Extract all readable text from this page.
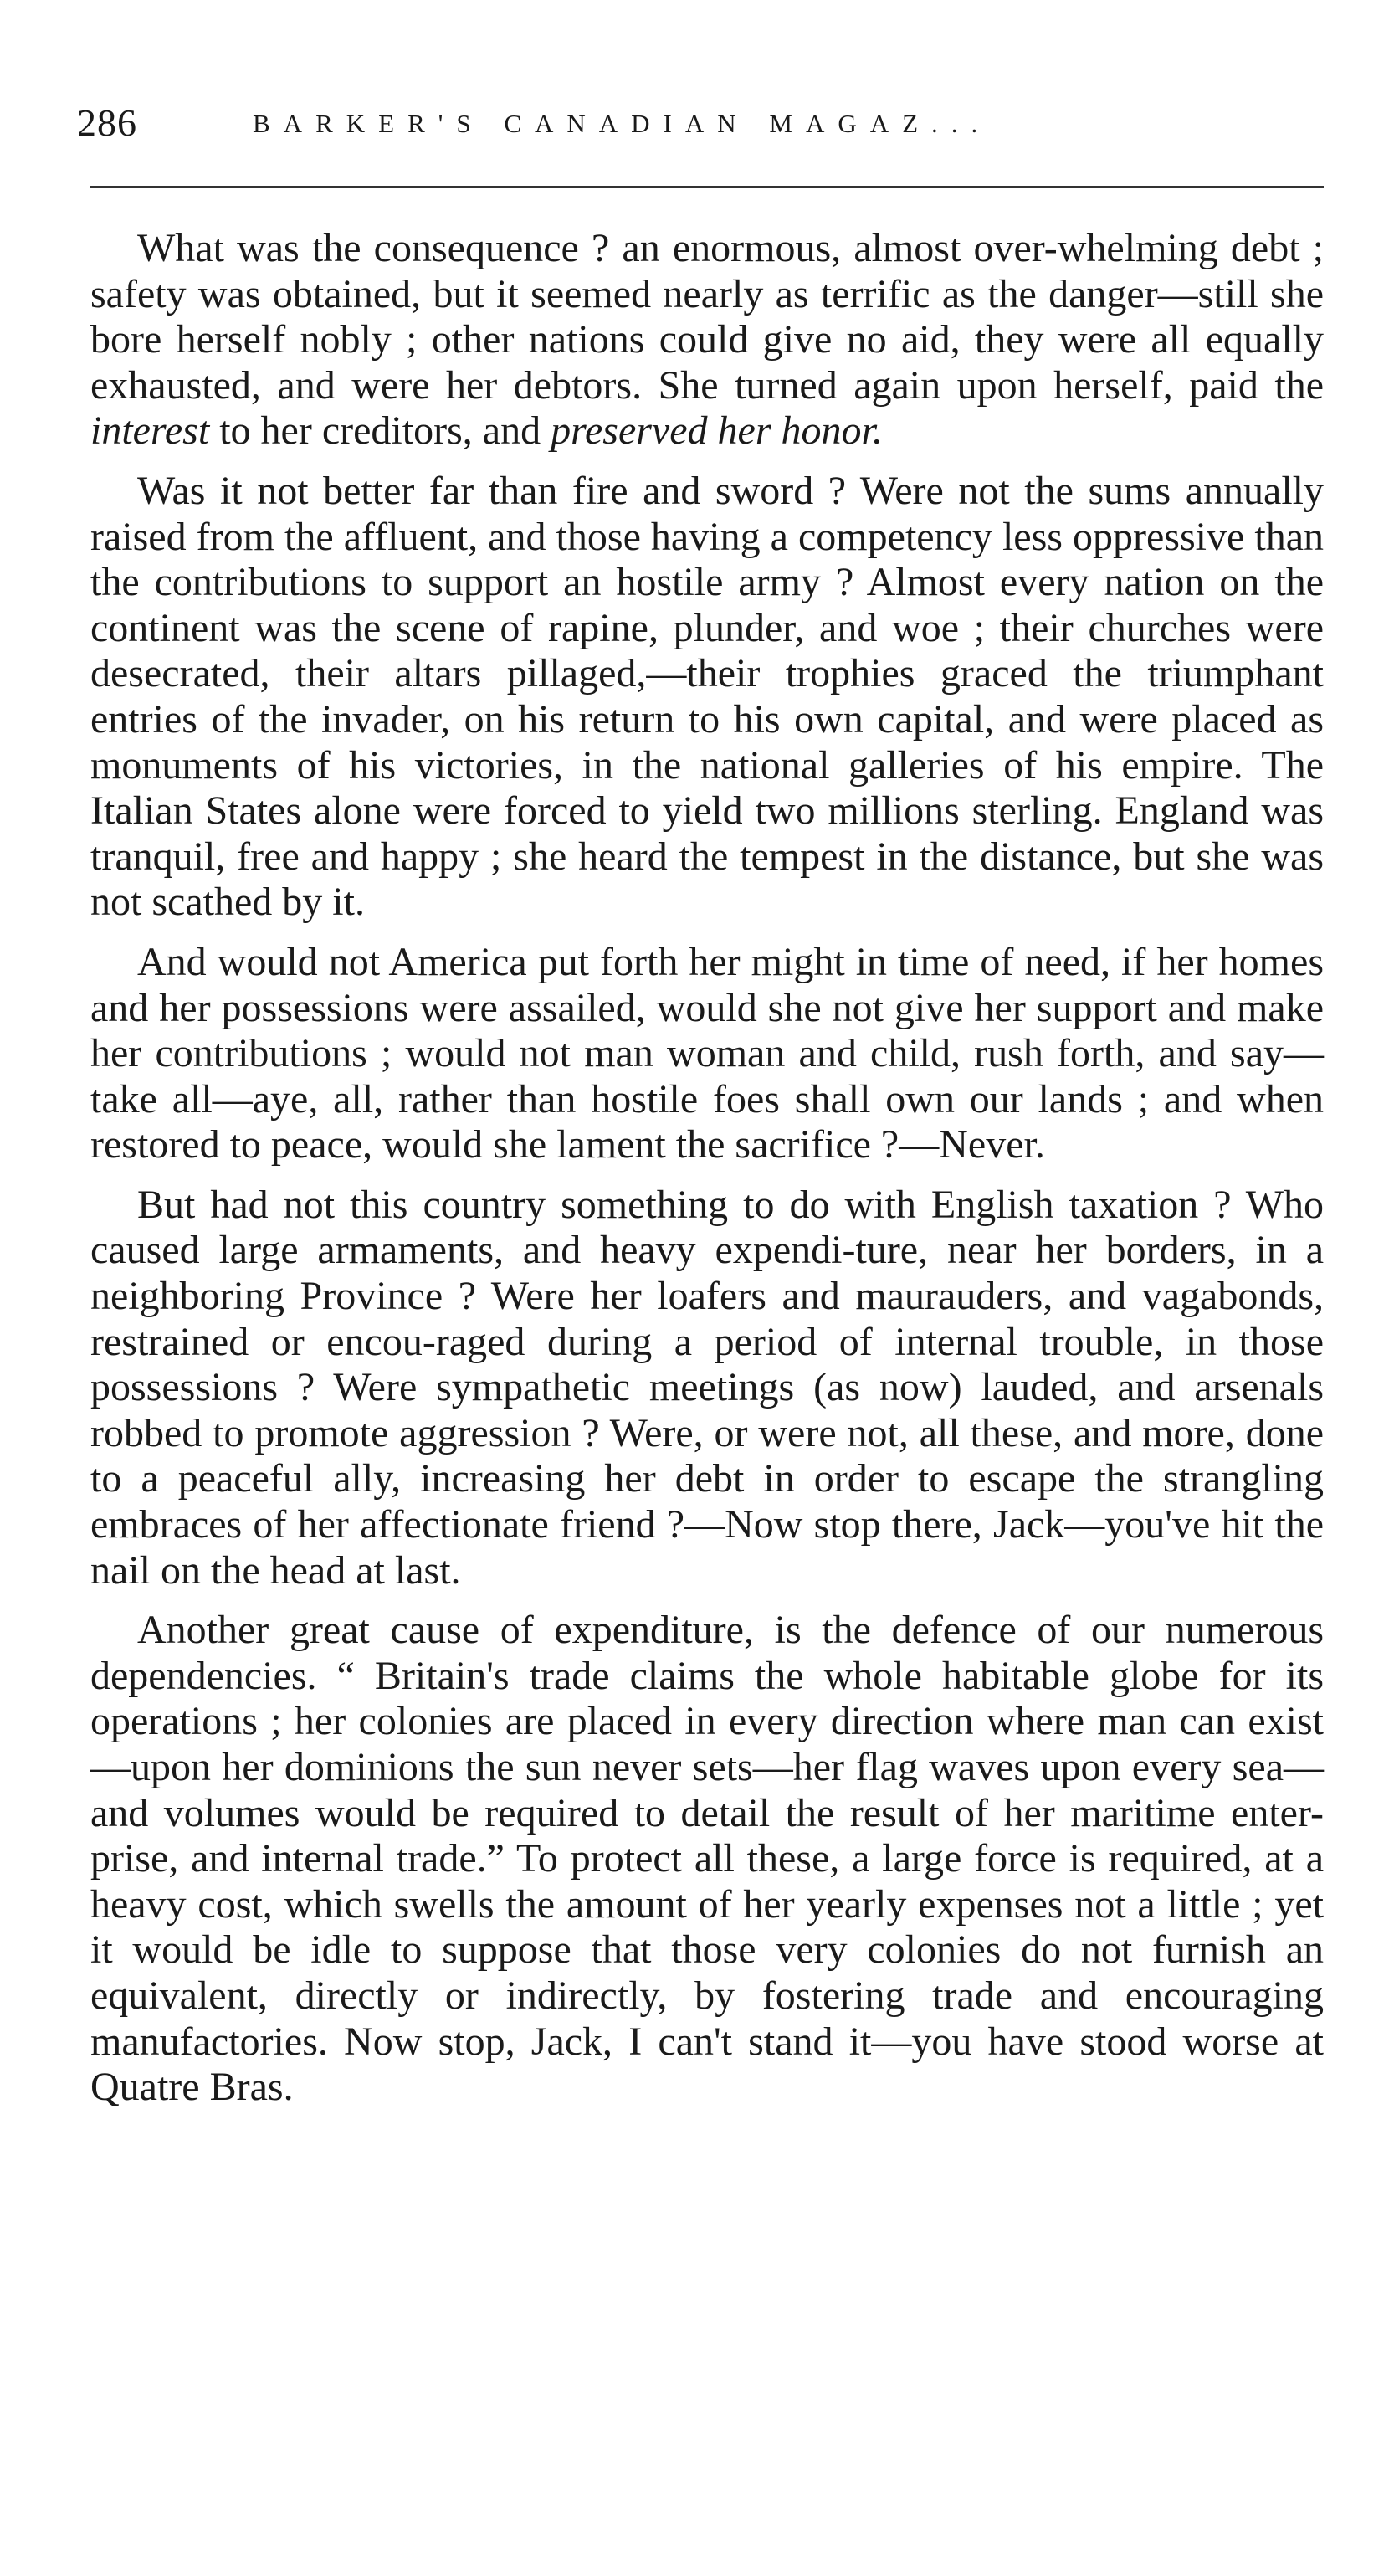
286	BARKER'S CANADIAN MAGAZ...

What was the consequence ? an enormous, almost over-whelming debt ; safety was obtained, but it seemed nearly as terrific as the danger—still she bore herself nobly ; other nations could give no aid, they were all equally exhausted, and were her debtors. She turned again upon herself, paid the interest to her creditors, and preserved her honor.

Was it not better far than fire and sword ? Were not the sums annually raised from the affluent, and those having a competency less oppressive than the contributions to support an hostile army ? Almost every nation on the continent was the scene of rapine, plunder, and woe ; their churches were desecrated, their altars pillaged,—their trophies graced the triumphant entries of the invader, on his return to his own capital, and were placed as monuments of his victories, in the national galleries of his empire. The Italian States alone were forced to yield two millions sterling. England was tranquil, free and happy ; she heard the tempest in the distance, but she was not scathed by it.

And would not America put forth her might in time of need, if her homes and her possessions were assailed, would she not give her support and make her contributions ; would not man woman and child, rush forth, and say—take all—aye, all, rather than hostile foes shall own our lands ; and when restored to peace, would she lament the sacrifice ?—Never.

But had not this country something to do with English taxation ? Who caused large armaments, and heavy expendi-ture, near her borders, in a neighboring Province ? Were her loafers and maurauders, and vagabonds, restrained or encou-raged during a period of internal trouble, in those possessions ? Were sympathetic meetings (as now) lauded, and arsenals robbed to promote aggression ? Were, or were not, all these, and more, done to a peaceful ally, increasing her debt in order to escape the strangling embraces of her affectionate friend ?—Now stop there, Jack—you've hit the nail on the head at last.

Another great cause of expenditure, is the defence of our numerous dependencies. “ Britain's trade claims the whole habitable globe for its operations ; her colonies are placed in every direction where man can exist—upon her dominions the sun never sets—her flag waves upon every sea—and volumes would be required to detail the result of her maritime enter-prise, and internal trade.” To protect all these, a large force is required, at a heavy cost, which swells the amount of her yearly expenses not a little ; yet it would be idle to suppose that those very colonies do not furnish an equivalent, directly or indirectly, by fostering trade and encouraging manufactories. Now stop, Jack, I can't stand it—you have stood worse at Quatre Bras.
